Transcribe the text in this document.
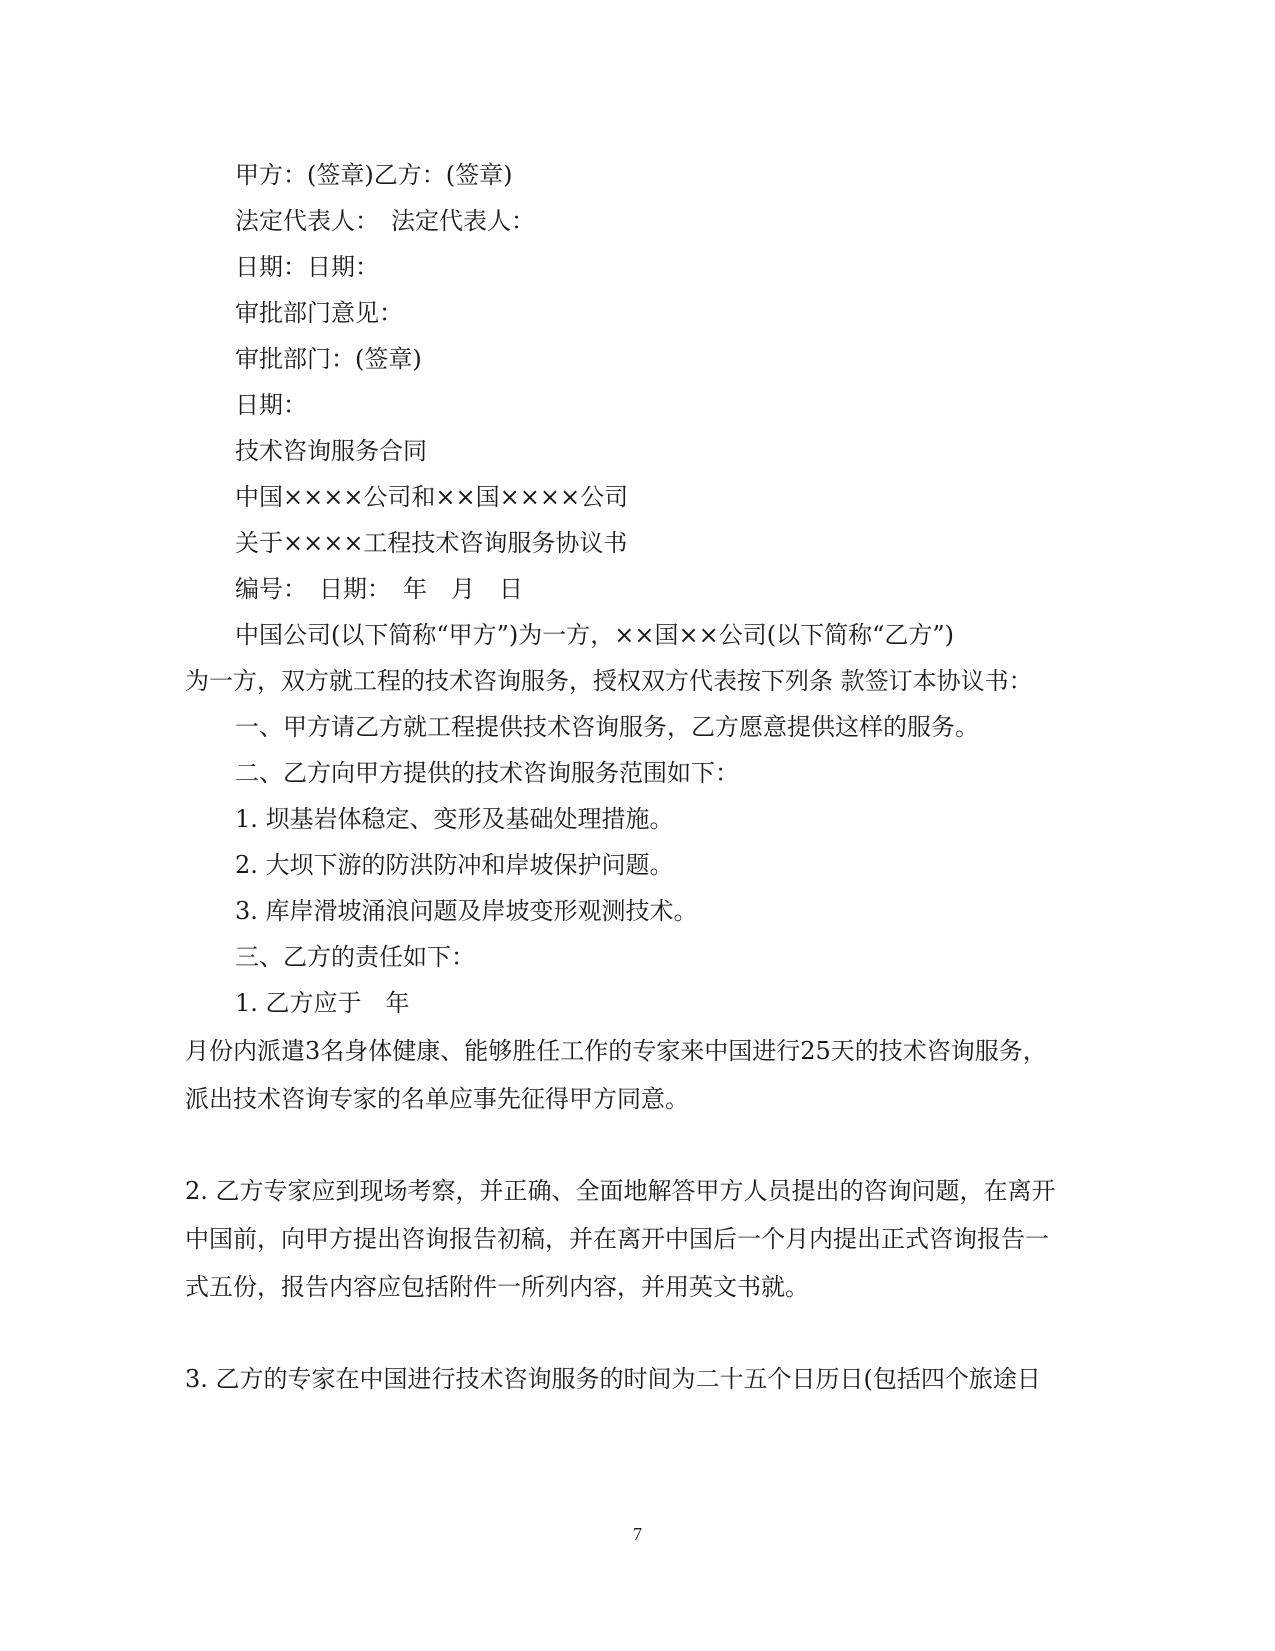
甲方：(签章)乙方：(签章)
法定代表人：　法定代表人：
日期：日期：
审批部门意见：
审批部门：(签章)
日期：
技术咨询服务合同
中国××××公司和××国××××公司
关于××××工程技术咨询服务协议书
编号：　日期：　年　月　日
中国公司(以下简称“甲方”)为一方，××国××公司(以下简称“乙方”)
为一方，双方就工程的技术咨询服务，授权双方代表按下列条 款签订本协议书：
一、甲方请乙方就工程提供技术咨询服务，乙方愿意提供这样的服务。
二、乙方向甲方提供的技术咨询服务范围如下：
1. 坝基岩体稳定、变形及基础处理措施。
2. 大坝下游的防洪防冲和岸坡保护问题。
3. 库岸滑坡涌浪问题及岸坡变形观测技术。
三、乙方的责任如下：
1. 乙方应于　年
月份内派遣3名身体健康、能够胜任工作的专家来中国进行25天的技术咨询服务，
派出技术咨询专家的名单应事先征得甲方同意。
2. 乙方专家应到现场考察，并正确、全面地解答甲方人员提出的咨询问题，在离开
中国前，向甲方提出咨询报告初稿，并在离开中国后一个月内提出正式咨询报告一
式五份，报告内容应包括附件一所列内容，并用英文书就。
3. 乙方的专家在中国进行技术咨询服务的时间为二十五个日历日(包括四个旅途日
7
